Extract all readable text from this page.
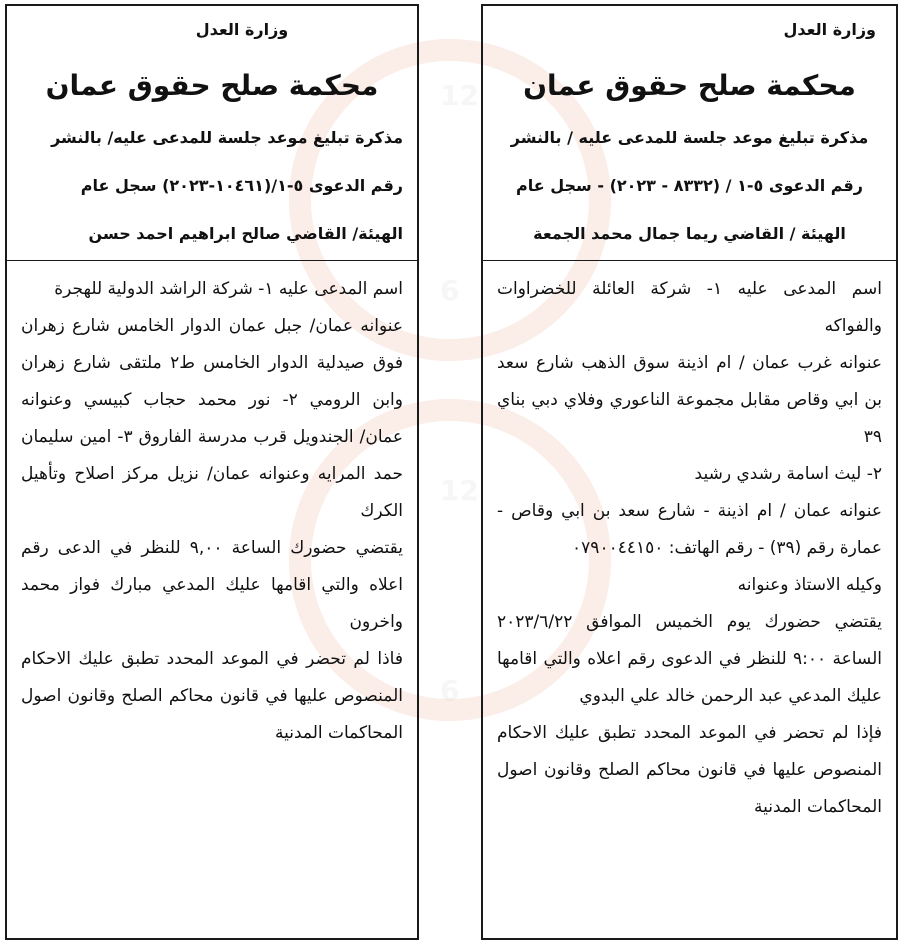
12
12
6
6
وزارة العدل
محكمة صلح حقوق عمان
مذكرة تبليغ موعد جلسة للمدعى عليه / بالنشر
رقم الدعوى ٥-١ / (٨٣٣٢ - ٢٠٢٣) - سجل عام
الهيئة / القاضي ريما جمال محمد الجمعة

اسم المدعى عليه ١- شركة العائلة للخضراوات والفواكه

عنوانه غرب عمان / ام اذينة سوق الذهب شارع سعد بن ابي وقاص مقابل مجموعة الناعوري وفلاي دبي بناي ٣٩

٢- ليث اسامة رشدي رشيد

عنوانه عمان / ام اذينة - شارع سعد بن ابي وقاص - عمارة رقم (٣٩) - رقم الهاتف: ٠٧٩٠٠٤٤١٥٠

وكيله الاستاذ وعنوانه

يقتضي حضورك يوم الخميس الموافق ٢٠٢٣/٦/٢٢ الساعة ٩:٠٠ للنظر في الدعوى رقم اعلاه والتي اقامها عليك المدعي عبد الرحمن خالد علي البدوي

فإذا لم تحضر في الموعد المحدد تطبق عليك الاحكام المنصوص عليها في قانون محاكم الصلح وقانون اصول المحاكمات المدنية

وزارة العدل
محكمة صلح حقوق عمان
مذكرة تبليغ موعد جلسة للمدعى عليه/ بالنشر
رقم الدعوى ٥-١/(١٠٤٦١-٢٠٢٣) سجل عام
الهيئة/ القاضي صالح ابراهيم احمد حسن

اسم المدعى عليه ١- شركة الراشد الدولية للهجرة

عنوانه عمان/ جبل عمان الدوار الخامس شارع زهران فوق صيدلية الدوار الخامس ط٢ ملتقى شارع زهران وابن الرومي ٢- نور محمد حجاب كبيسي وعنوانه عمان/ الجندويل قرب مدرسة الفاروق ٣- امين سليمان حمد المرايه وعنوانه عمان/ نزيل مركز اصلاح وتأهيل الكرك

يقتضي حضورك الساعة ٩,٠٠ للنظر في الدعى رقم اعلاه والتي اقامها عليك المدعي مبارك فواز محمد واخرون

فاذا لم تحضر في الموعد المحدد تطبق عليك الاحكام المنصوص عليها في قانون محاكم الصلح وقانون اصول المحاكمات المدنية
